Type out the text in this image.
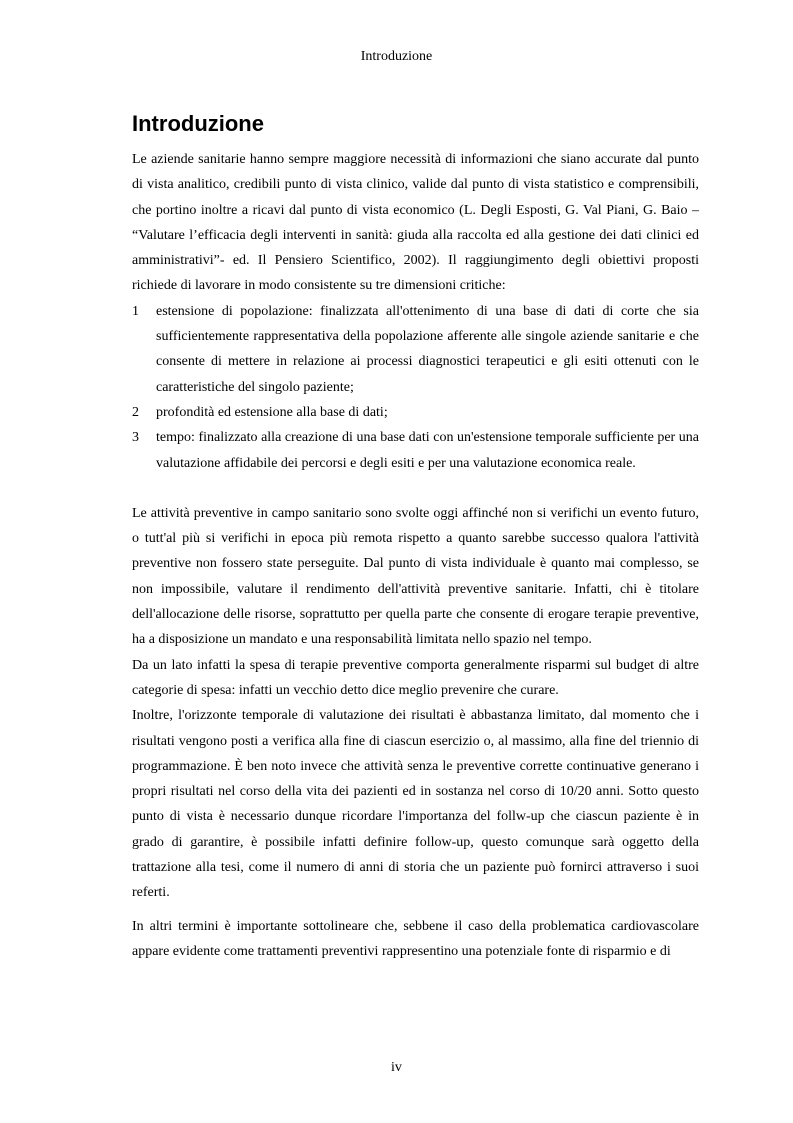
Introduzione
Introduzione

Le aziende sanitarie hanno sempre maggiore necessità di informazioni che siano accurate dal punto di vista analitico, credibili punto di vista clinico, valide dal punto di vista statistico e comprensibili, che portino inoltre a ricavi dal punto di vista economico (L. Degli Esposti, G. Val Piani, G. Baio – “Valutare l’efficacia degli interventi in sanità: giuda alla raccolta ed alla gestione dei dati clinici ed amministrativi”- ed. Il Pensiero Scientifico, 2002). Il raggiungimento degli obiettivi proposti richiede di lavorare in modo consistente su tre dimensioni critiche:

1	estensione di popolazione: finalizzata all'ottenimento di una base di dati di corte che sia sufficientemente rappresentativa della popolazione afferente alle singole aziende sanitarie e che consente di mettere in relazione ai processi diagnostici terapeutici e gli esiti ottenuti con le caratteristiche del singolo paziente;
2	profondità ed estensione alla base di dati;
3	tempo: finalizzato alla creazione di una base dati con un'estensione temporale sufficiente per una valutazione affidabile dei percorsi e degli esiti e per una valutazione economica reale.

Le attività preventive in campo sanitario sono svolte oggi affinché non si verifichi un evento futuro, o tutt'al più si verifichi in epoca più remota rispetto a quanto sarebbe successo qualora l'attività preventive non fossero state perseguite. Dal punto di vista individuale è quanto mai complesso, se non impossibile, valutare il rendimento dell'attività preventive sanitarie. Infatti, chi è titolare dell'allocazione delle risorse, soprattutto per quella parte che consente di erogare terapie preventive, ha a disposizione un mandato e una responsabilità limitata nello spazio nel tempo.

Da un lato infatti la spesa di terapie preventive comporta generalmente risparmi sul budget di altre categorie di spesa: infatti un vecchio detto dice meglio prevenire che curare.

Inoltre, l'orizzonte temporale di valutazione dei risultati è abbastanza limitato, dal momento che i risultati vengono posti a verifica alla fine di ciascun esercizio o, al massimo, alla fine del triennio di programmazione. È ben noto invece che attività senza le preventive corrette continuative generano i propri risultati nel corso della vita dei pazienti ed in sostanza nel corso di 10/20 anni. Sotto questo punto di vista è necessario dunque ricordare l'importanza del follw-up che ciascun paziente è in grado di garantire, è possibile infatti definire follow-up, questo comunque sarà oggetto della trattazione alla tesi, come il numero di anni di storia che un paziente può fornirci attraverso i suoi referti.

In altri termini è importante sottolineare che, sebbene il caso della problematica cardiovascolare appare evidente come trattamenti preventivi rappresentino una potenziale fonte di risparmio e di

iv
